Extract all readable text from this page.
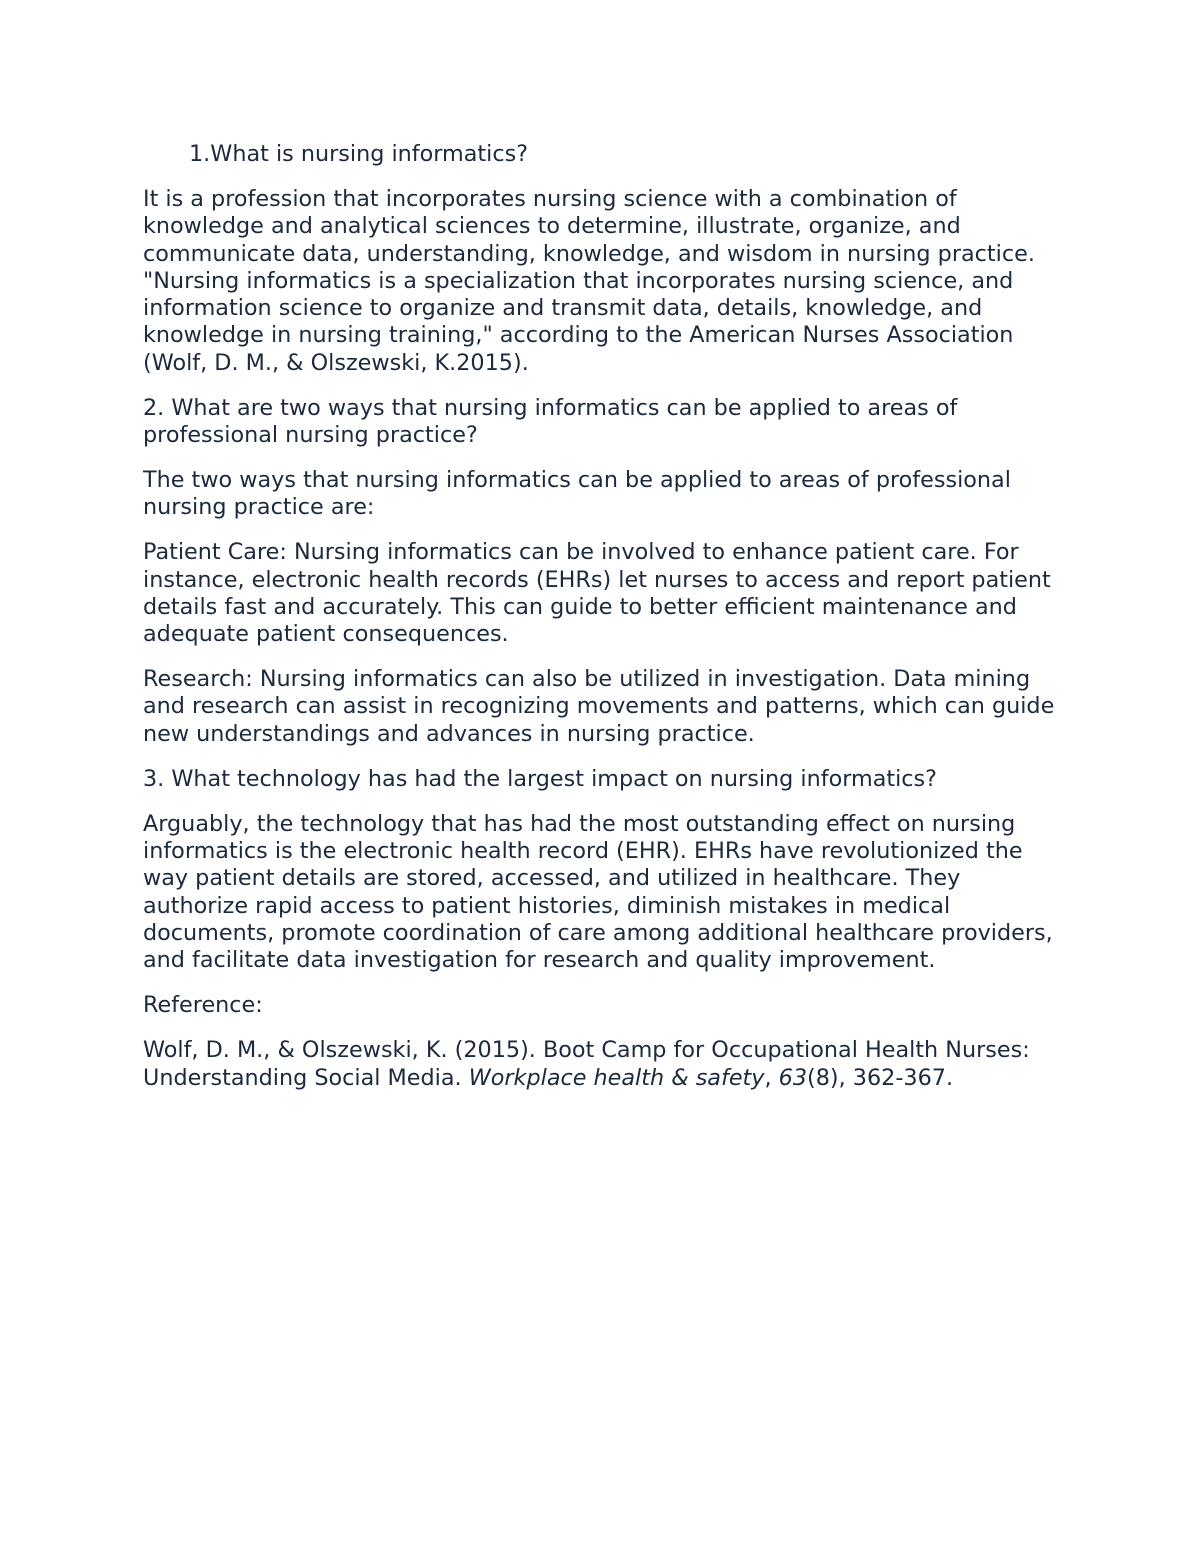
1.What is nursing informatics?

It is a profession that incorporates nursing science with a combination of knowledge and analytical sciences to determine, illustrate, organize, and communicate data, understanding, knowledge, and wisdom in nursing practice. "Nursing informatics is a specialization that incorporates nursing science, and information science to organize and transmit data, details, knowledge, and knowledge in nursing training," according to the American Nurses Association (Wolf, D. M., & Olszewski, K.2015).

2. What are two ways that nursing informatics can be applied to areas of professional nursing practice?

The two ways that nursing informatics can be applied to areas of professional nursing practice are:

Patient Care: Nursing informatics can be involved to enhance patient care. For instance, electronic health records (EHRs) let nurses to access and report patient details fast and accurately. This can guide to better efficient maintenance and adequate patient consequences.

Research: Nursing informatics can also be utilized in investigation. Data mining and research can assist in recognizing movements and patterns, which can guide new understandings and advances in nursing practice.

3. What technology has had the largest impact on nursing informatics?

Arguably, the technology that has had the most outstanding effect on nursing informatics is the electronic health record (EHR). EHRs have revolutionized the way patient details are stored, accessed, and utilized in healthcare. They authorize rapid access to patient histories, diminish mistakes in medical documents, promote coordination of care among additional healthcare providers, and facilitate data investigation for research and quality improvement.

Reference:

Wolf, D. M., & Olszewski, K. (2015). Boot Camp for Occupational Health Nurses: Understanding Social Media. Workplace health & safety, 63(8), 362-367.
